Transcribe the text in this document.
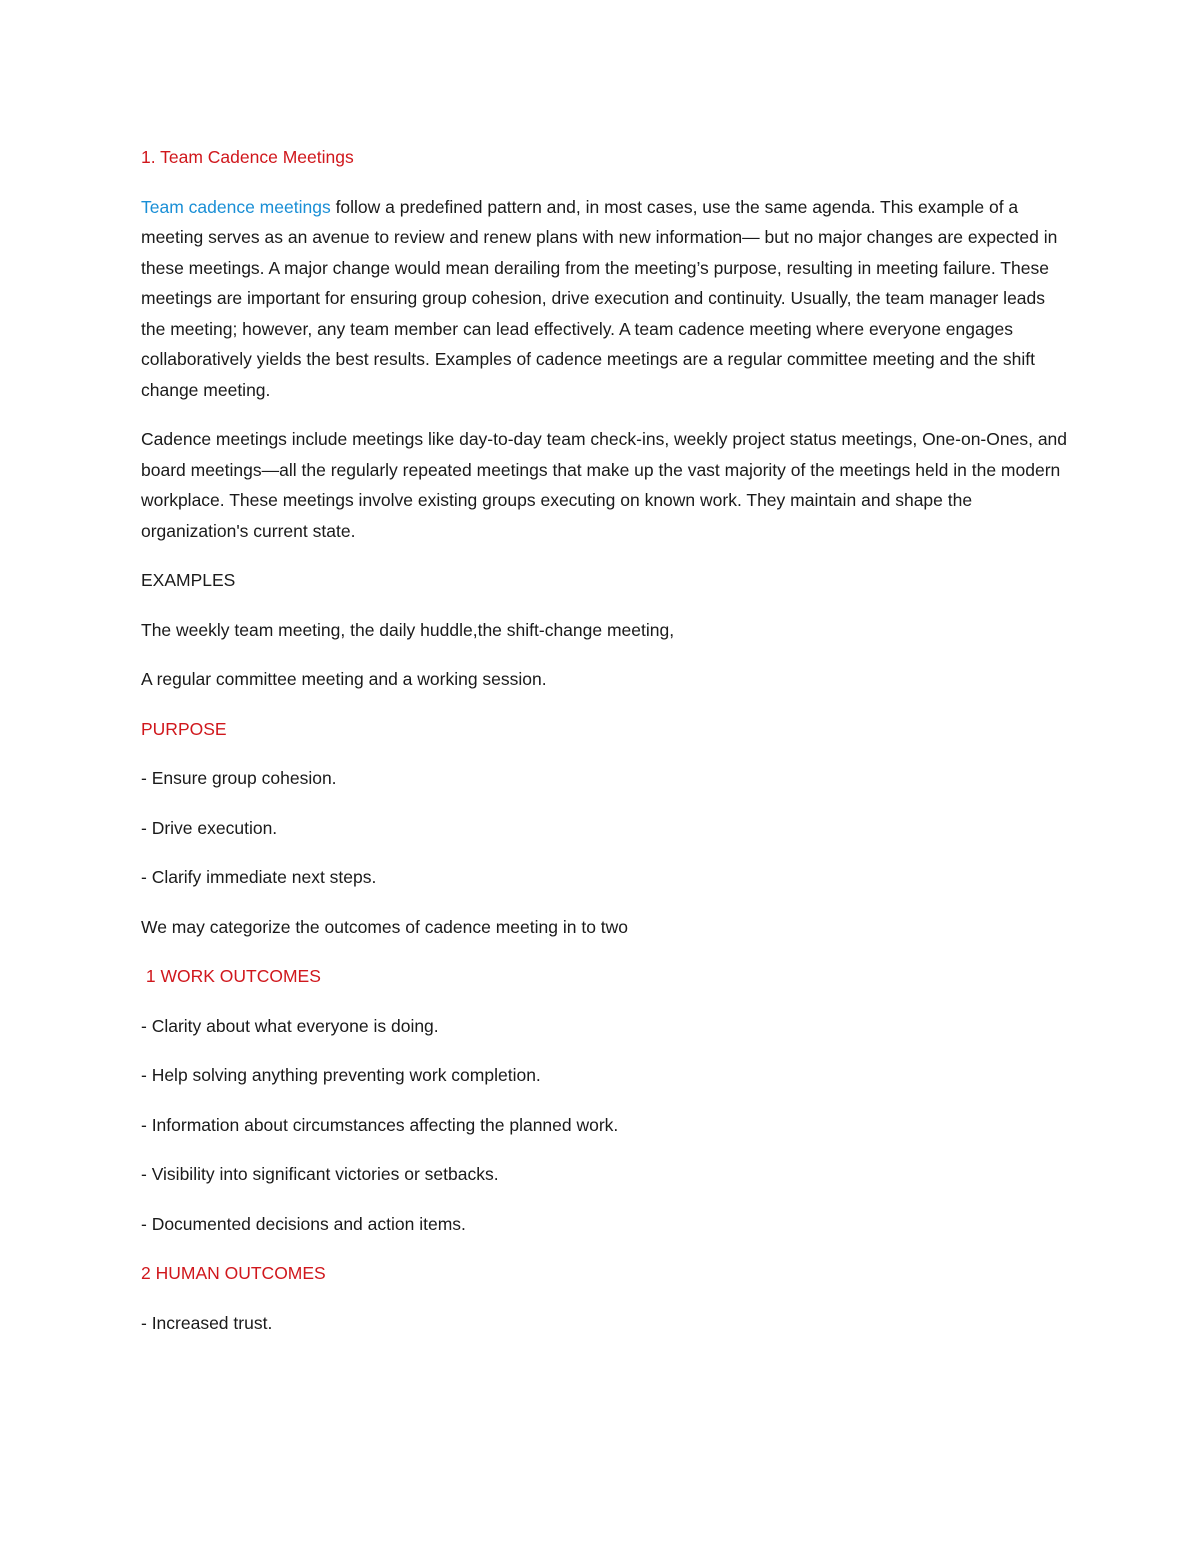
1. Team Cadence Meetings

Team cadence meetings follow a predefined pattern and, in most cases, use the same agenda. This example of a meeting serves as an avenue to review and renew plans with new information— but no major changes are expected in these meetings. A major change would mean derailing from the meeting’s purpose, resulting in meeting failure. These meetings are important for ensuring group cohesion, drive execution and continuity. Usually, the team manager leads the meeting; however, any team member can lead effectively. A team cadence meeting where everyone engages collaboratively yields the best results. Examples of cadence meetings are a regular committee meeting and the shift change meeting.

Cadence meetings include meetings like day-to-day team check-ins, weekly project status meetings, One-on-Ones, and board meetings—all the regularly repeated meetings that make up the vast majority of the meetings held in the modern workplace. These meetings involve existing groups executing on known work. They maintain and shape the organization's current state.

EXAMPLES

The weekly team meeting, the daily huddle,the shift-change meeting,

A regular committee meeting and a working session.

PURPOSE

- Ensure group cohesion.

- Drive execution.

- Clarify immediate next steps.

We may categorize the outcomes of cadence meeting in to two

1 WORK OUTCOMES

- Clarity about what everyone is doing.

- Help solving anything preventing work completion.

- Information about circumstances affecting the planned work.

- Visibility into significant victories or setbacks.

- Documented decisions and action items.

2 HUMAN OUTCOMES

- Increased trust.
